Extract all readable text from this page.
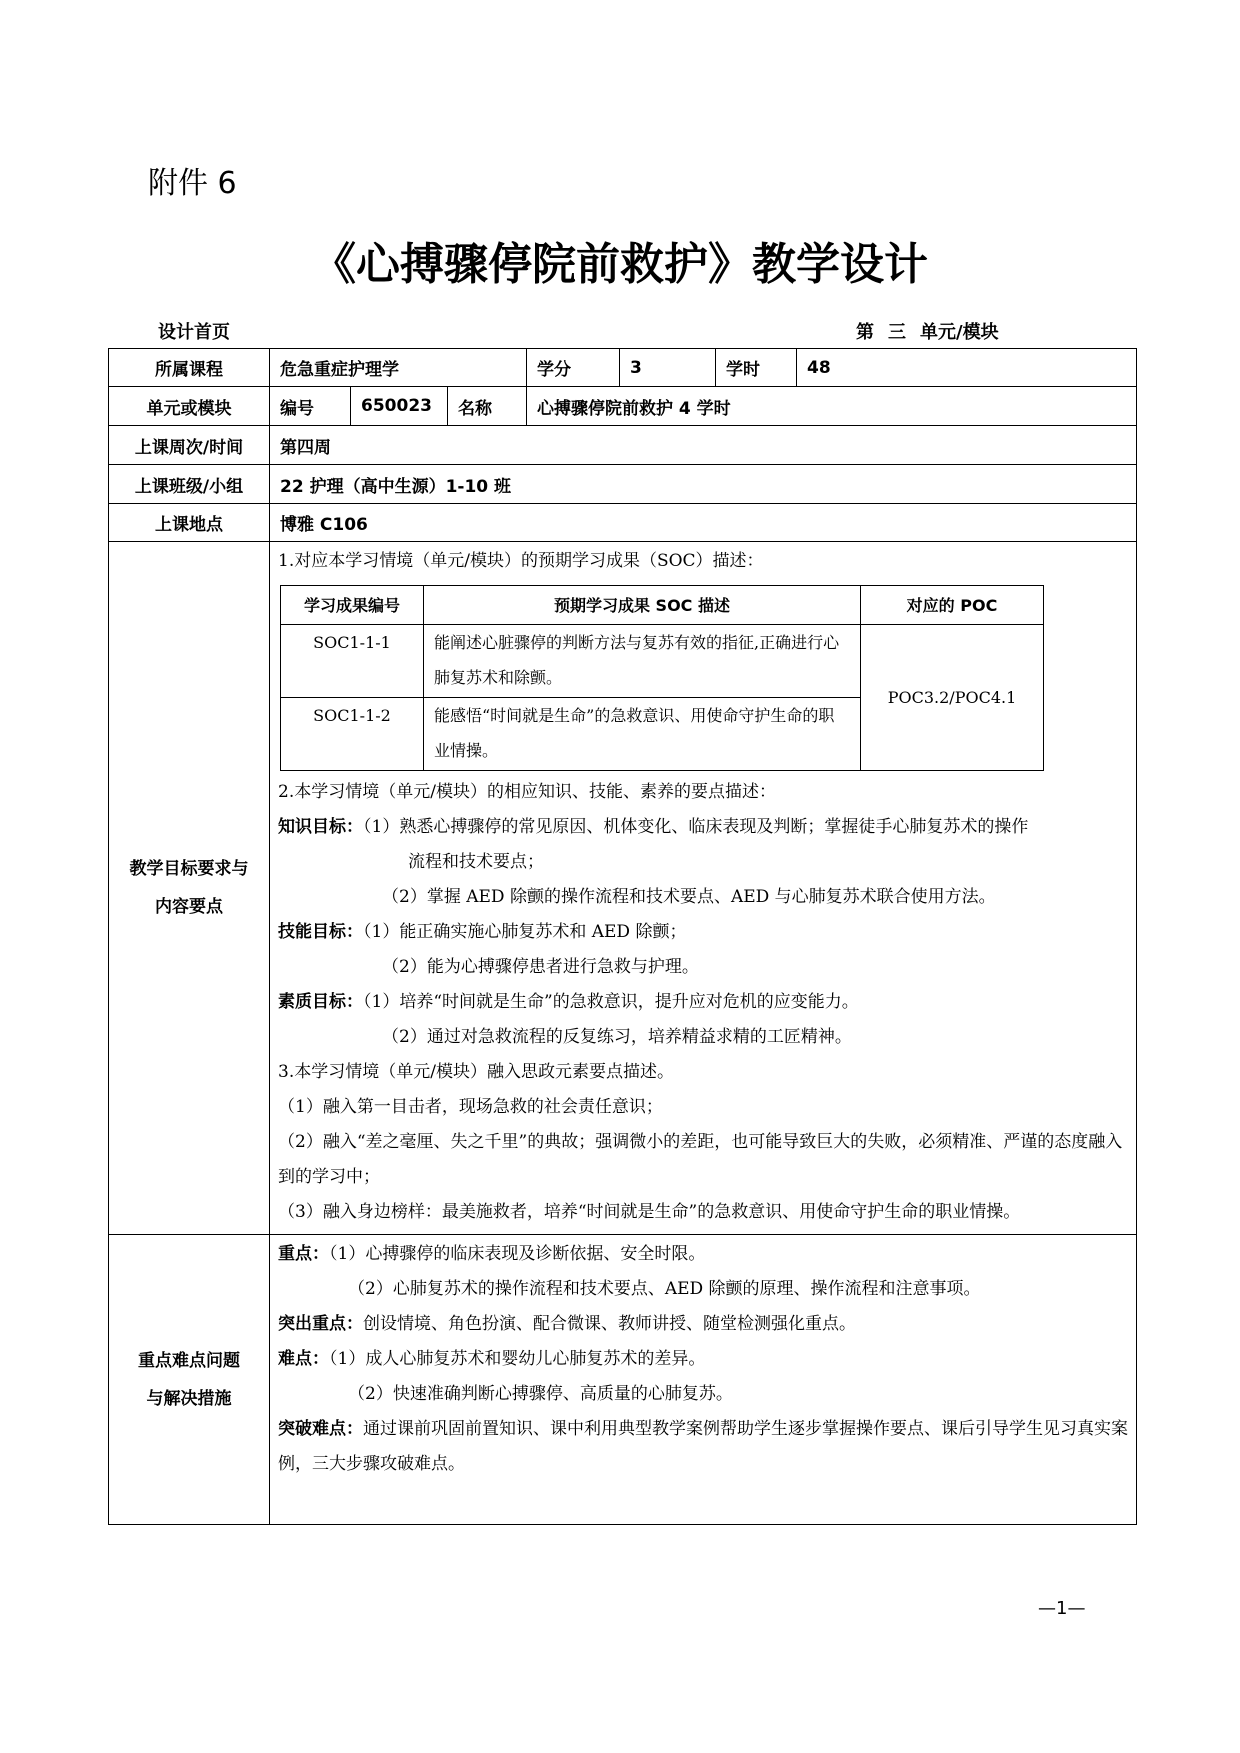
附件 6
《心搏骤停院前救护》教学设计
设计首页	第 三 单元/模块
所属课程	危急重症护理学	学分	3	学时	48
单元或模块	编号	650023	名称	心搏骤停院前救护 4 学时
上课周次/时间	第四周
上课班级/小组	22 护理（高中生源）1-10 班
上课地点	博雅 C106

教学目标要求与
内容要点

1.对应本学习情境（单元/模块）的预期学习成果（SOC）描述：
学习成果编号	预期学习成果 SOC 描述	对应的 POC
SOC1-1-1	能阐述心脏骤停的判断方法与复苏有效的指征,正确进行心肺复苏术和除颤。	POC3.2/POC4.1
SOC1-1-2	能感悟“时间就是生命”的急救意识、用使命守护生命的职业情操。
2.本学习情境（单元/模块）的相应知识、技能、素养的要点描述：
知识目标：（1）熟悉心搏骤停的常见原因、机体变化、临床表现及判断；掌握徒手心肺复苏术的操作
流程和技术要点；
（2）掌握 AED 除颤的操作流程和技术要点、AED 与心肺复苏术联合使用方法。
技能目标：（1）能正确实施心肺复苏术和 AED 除颤；
（2）能为心搏骤停患者进行急救与护理。
素质目标：（1）培养“时间就是生命”的急救意识，提升应对危机的应变能力。
（2）通过对急救流程的反复练习，培养精益求精的工匠精神。
3.本学习情境（单元/模块）融入思政元素要点描述。
（1）融入第一目击者，现场急救的社会责任意识；
（2）融入“差之毫厘、失之千里”的典故；强调微小的差距，也可能导致巨大的失败，必须精准、严谨的态度融入到的学习中；
（3）融入身边榜样：最美施救者，培养“时间就是生命”的急救意识、用使命守护生命的职业情操。

重点难点问题
与解决措施

重点：（1）心搏骤停的临床表现及诊断依据、安全时限。
（2）心肺复苏术的操作流程和技术要点、AED 除颤的原理、操作流程和注意事项。
突出重点：创设情境、角色扮演、配合微课、教师讲授、随堂检测强化重点。
难点：（1）成人心肺复苏术和婴幼儿心肺复苏术的差异。
（2）快速准确判断心搏骤停、高质量的心肺复苏。
突破难点：通过课前巩固前置知识、课中利用典型教学案例帮助学生逐步掌握操作要点、课后引导学生见习真实案例，三大步骤攻破难点。
—1—
